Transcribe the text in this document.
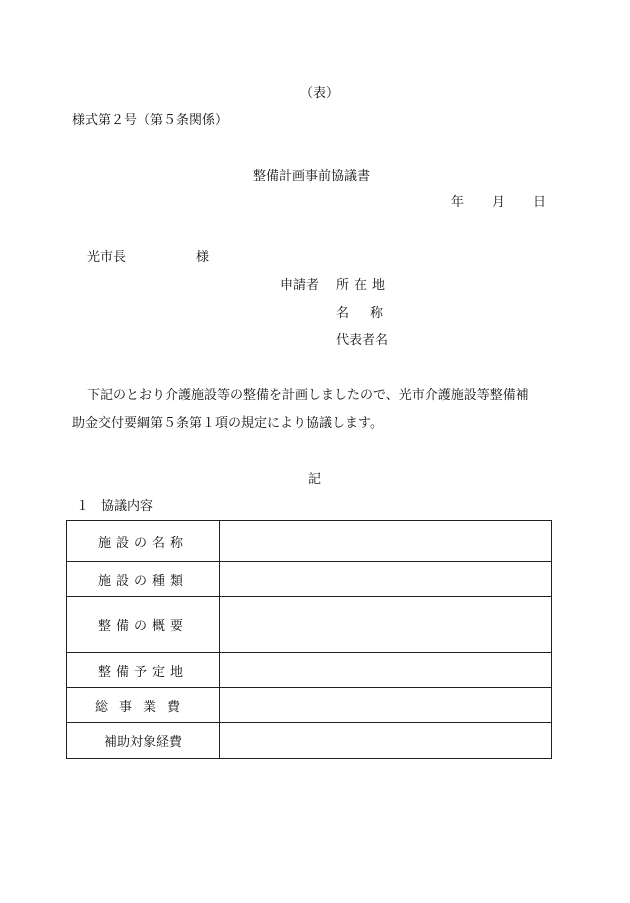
（表）
様式第２号（第５条関係）
整備計画事前協議書
年 月 日
光市長	様
申請者 所在地
名　称
代表者名
下記のとおり介護施設等の整備を計画しましたので、光市介護施設等整備補
助金交付要綱第５条第１項の規定により協議します。
記
１ 協議内容
施設の名称	
施設の種類	
整備の概要	
整備予定地	
総事業費	
補助対象経費	
